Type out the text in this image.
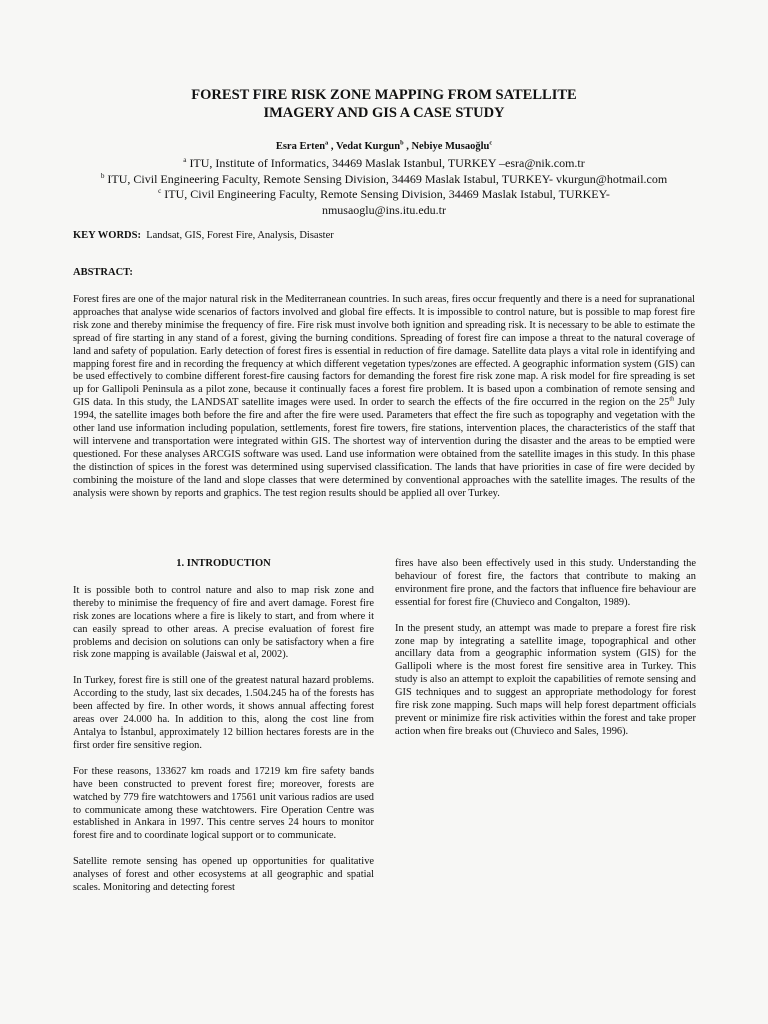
FOREST FIRE RISK ZONE MAPPING FROM SATELLITE
IMAGERY AND GIS A CASE STUDY
Esra Erten$^a$ , Vedat Kurgun$^b$ , Nebiye Musaoğlu$^c$
$^a$ ITU, Institute of Informatics, 34469 Maslak Istanbul, TURKEY –esra@nik.com.tr
$^b$ ITU, Civil Engineering Faculty, Remote Sensing Division, 34469 Maslak Istabul, TURKEY- vkurgun@hotmail.com
$^c$ ITU, Civil Engineering Faculty, Remote Sensing Division, 34469 Maslak Istabul, TURKEY-
nmusaoglu@ins.itu.edu.tr
KEY WORDS:  Landsat, GIS, Forest Fire, Analysis, Disaster
ABSTRACT:
Forest fires are one of the major natural risk in the Mediterranean countries. In such areas, fires occur frequently and there is a need for supranational approaches that analyse wide scenarios of factors involved and global fire effects. It is impossible to control nature, but is possible to map forest fire risk zone and thereby minimise the frequency of fire. Fire risk must involve both ignition and spreading risk. It is necessary to be able to estimate the spread of fire starting in any stand of a forest, giving the burning conditions. Spreading of forest fire can impose a threat to the natural coverage of land and safety of population. Early detection of forest fires is essential in reduction of fire damage. Satellite data plays a vital role in identifying and mapping forest fire and in recording the frequency at which different vegetation types/zones are effected. A geographic information system (GIS) can be used effectively to combine different forest-fire causing factors for demanding the forest fire risk zone map. A risk model for fire spreading is set up for Gallipoli Peninsula as a pilot zone, because it continually faces a forest fire problem. It is based upon a combination of remote sensing and GIS data. In this study, the LANDSAT satellite images were used. In order to search the effects of the fire occurred in the region on the 25th July 1994, the satellite images both before the fire and after the fire were used. Parameters that effect the fire such as topography and vegetation with the other land use information including population, settlements, forest fire towers, fire stations, intervention places, the characteristics of the staff that will intervene and transportation were integrated within GIS. The shortest way of intervention during the disaster and the areas to be emptied were questioned. For these analyses ARCGIS software was used. Land use information were obtained from the satellite images in this study. In this phase the distinction of spices in the forest was determined using supervised classification. The lands that have priorities in case of fire were decided by combining the moisture of the land and slope classes that were determined by conventional approaches with the satellite images. The results of the analysis were shown by reports and graphics. The test region results should be applied all over Turkey.
1. INTRODUCTION

It is possible both to control nature and also to map risk zone and thereby to minimise the frequency of fire and avert damage. Forest fire risk zones are locations where a fire is likely to start, and from where it can easily spread to other areas. A precise evaluation of forest fire problems and decision on solutions can only be satisfactory when a fire risk zone mapping is available (Jaiswal et al, 2002).

In Turkey, forest fire is still one of the greatest natural hazard problems. According to the study, last six decades, 1.504.245 ha of the forests has been affected by fire. In other words, it shows annual affecting forest areas over 24.000 ha. In addition to this, along the cost line from Antalya to İstanbul, approximately 12 billion hectares forests are in the first order fire sensitive region.

For these reasons, 133627 km roads and 17219 km fire safety bands have been constructed to prevent forest fire; moreover, forests are watched by 779 fire watchtowers and 17561 unit various radios are used to communicate among these watchtowers. Fire Operation Centre was established in Ankara in 1997. This centre serves 24 hours to monitor forest fire and to coordinate logical support or to communicate.

Satellite remote sensing has opened up opportunities for qualitative analyses of forest and other ecosystems at all geographic and spatial scales. Monitoring and detecting forest

fires have also been effectively used in this study. Understanding the behaviour of forest fire, the factors that contribute to making an environment fire prone, and the factors that influence fire behaviour are essential for forest fire (Chuvieco and Congalton, 1989).

In the present study, an attempt was made to prepare a forest fire risk zone map by integrating a satellite image, topographical and other ancillary data from a geographic information system (GIS) for the Gallipoli where is the most forest fire sensitive area in Turkey. This study is also an attempt to exploit the capabilities of remote sensing and GIS techniques and to suggest an appropriate methodology for forest fire risk zone mapping. Such maps will help forest department officials prevent or minimize fire risk activities within the forest and take proper action when fire breaks out (Chuvieco and Sales, 1996).
